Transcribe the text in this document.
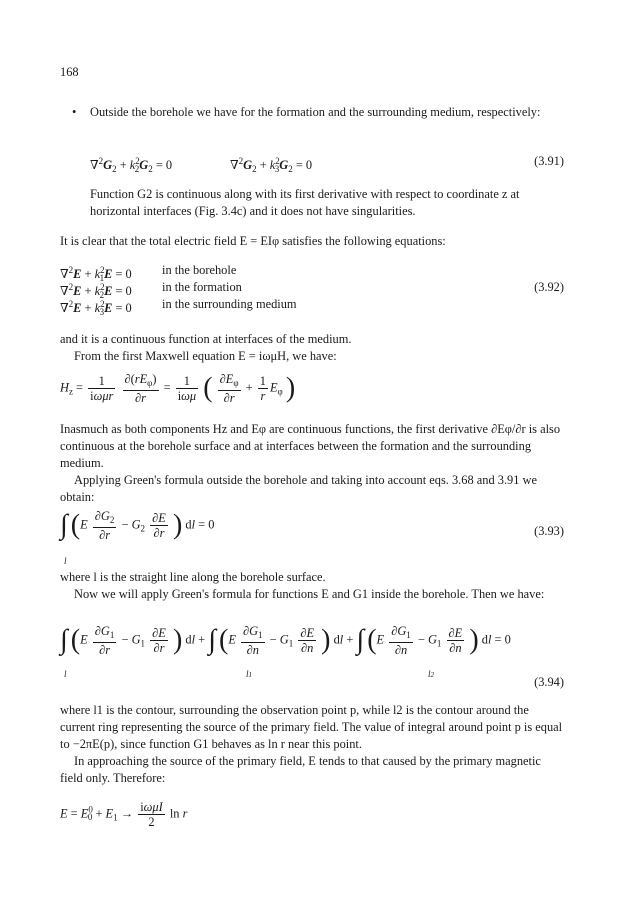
168
• Outside the borehole we have for the formation and the surrounding medium, respectively:
$\nabla^2G_2 + k^2_2G_2 = 0$	$\nabla^2G_2 + k^2_3G_2 = 0$	(3.91)
Function G2 is continuous along with its first derivative with respect to coordinate z at horizontal interfaces (Fig. 3.4c) and it does not have singularities.
It is clear that the total electric field E = EIφ satisfies the following equations:
$\nabla^2E + k^2_1E = 0$ in the borehole
$\nabla^2E + k^2_2E = 0$ in the formation
$\nabla^2E + k^2_3E = 0$ in the surrounding medium
(3.92)
and it is a continuous function at interfaces of the medium.
From the first Maxwell equation E = iωμH, we have:
$H_z = \frac{1}{\text{iωμr}}$
$\frac{\partial(rE_\varphi)}{\partial r} = \frac{1}{\text{iωμ}}$ ( $\frac{\partial E_\varphi}{\partial r} + \frac{1}{r} E_\varphi$ )
Inasmuch as both components Hz and Eφ are continuous functions, the first derivative ∂Eφ/∂r is also continuous at the borehole surface and at interfaces between the formation and the surrounding medium.
Applying Green's formula outside the borehole and taking into account eqs. 3.68 and 3.91 we obtain:
∫ ($E \frac{\partial G_2}{\partial r} - G_2 \frac{\partial E}{\partial r}$ ) dl = 0
l
(3.93)
where l is the straight line along the borehole surface.
Now we will apply Green's formula for functions E and G1 inside the borehole. Then we have:
∫ ($E \frac{\partial G_1}{\partial r} - G_1 \frac{\partial E}{\partial r}$ ) dl + ∫ ($E \frac{\partial G_1}{\partial n} - G_1 \frac{\partial E}{\partial n}$ ) dl + ∫ ($E \frac{\partial G_1}{\partial n} - G_1 \frac{\partial E}{\partial n}$ ) dl = 0
l	l1	l2	(3.94)
where l1 is the contour, surrounding the observation point p, while l2 is the contour around the current ring representing the source of the primary field. The value of integral around point p is equal to −2πE(p), since function G1 behaves as ln r near this point.
In approaching the source of the primary field, E tends to that caused by the primary magnetic field only. Therefore:
$E = E^0_0 + E_1 \to \frac{\text{iωμI}}{2}$ ln r
